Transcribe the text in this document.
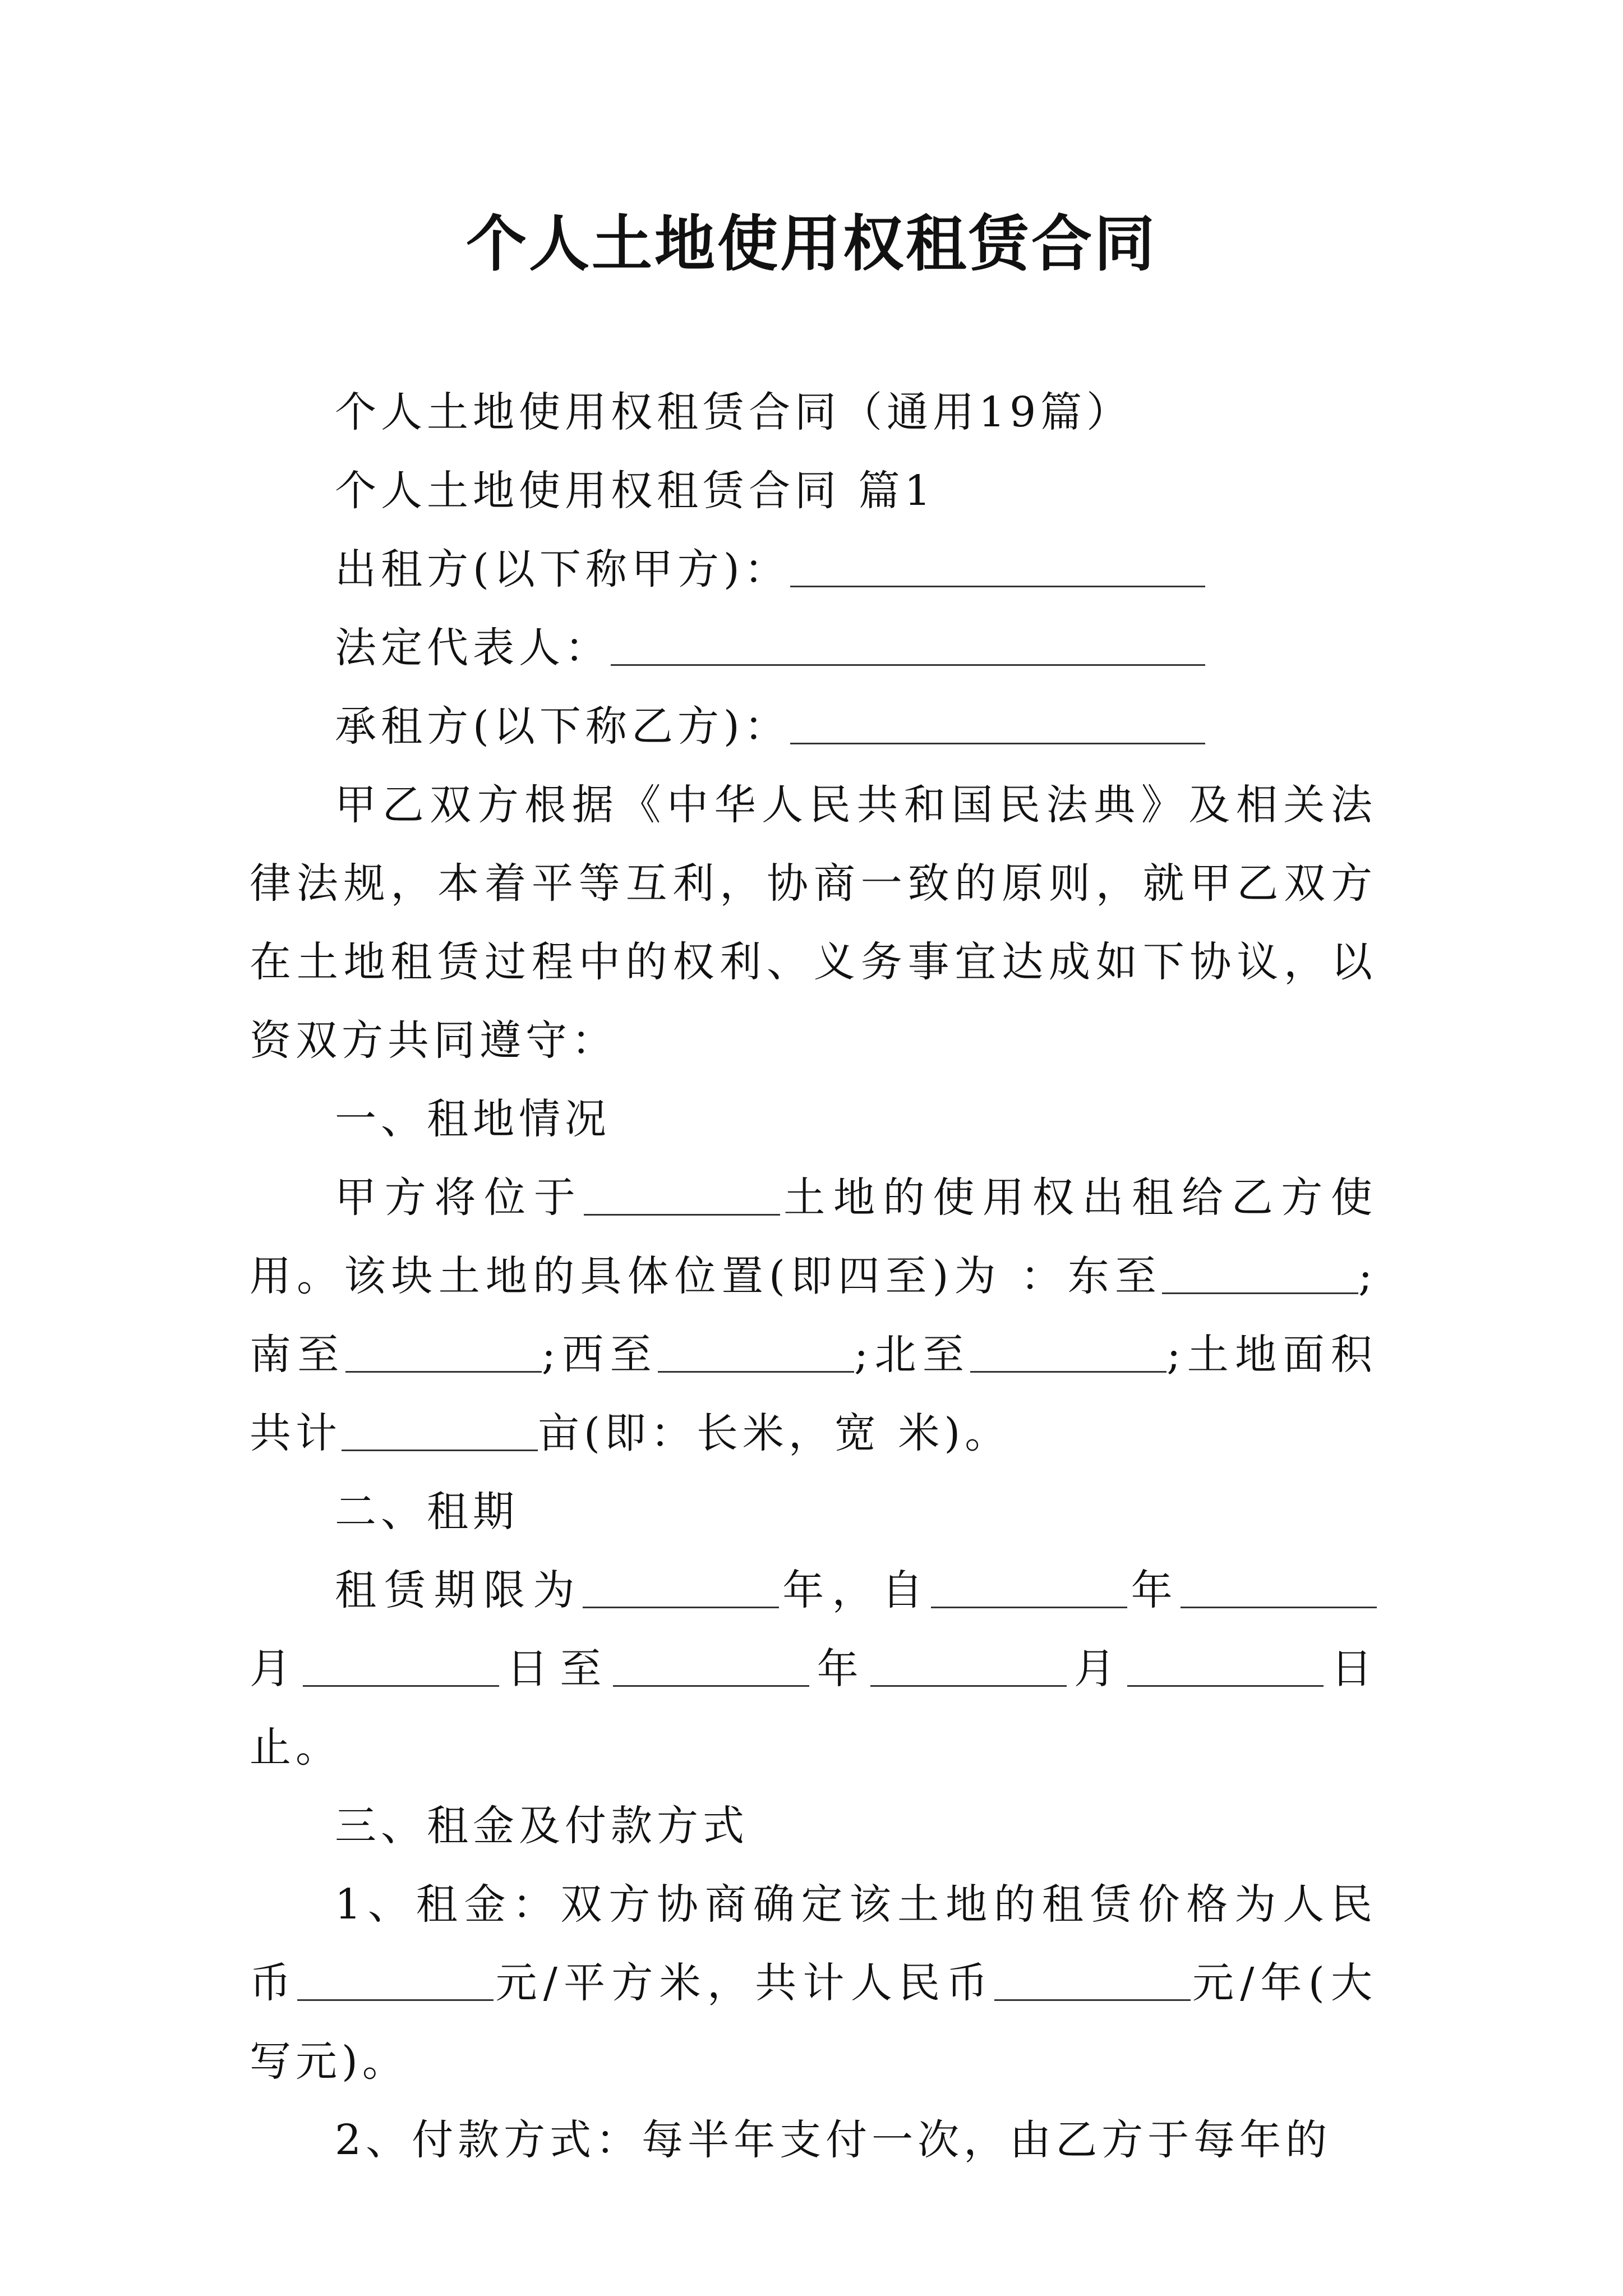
个人土地使用权租赁合同

个人土地使用权租赁合同（通用19篇）

个人土地使用权租赁合同 篇1

出租方(以下称甲方)：

法定代表人：

承租方(以下称乙方)：

甲乙双方根据《中华人民共和国民法典》及相关法律法规，本着平等互利，协商一致的原则，就甲乙双方在土地租赁过程中的权利、义务事宜达成如下协议，以资双方共同遵守：

一、租地情况

甲方将位于	土地的使用权出租给乙方使用。该块土地的具体位置(即四至)为 ：东至	;南至	;西至	;北至	;土地面积共计	亩(即：长米，宽 米)。

二、租期

租赁期限为	年，自	年月	日至	年	月	日止。

三、租金及付款方式

1、租金：双方协商确定该土地的租赁价格为人民币	元/平方米，共计人民币	元/年(大写元)。

2、付款方式：每半年支付一次，由乙方于每年的
